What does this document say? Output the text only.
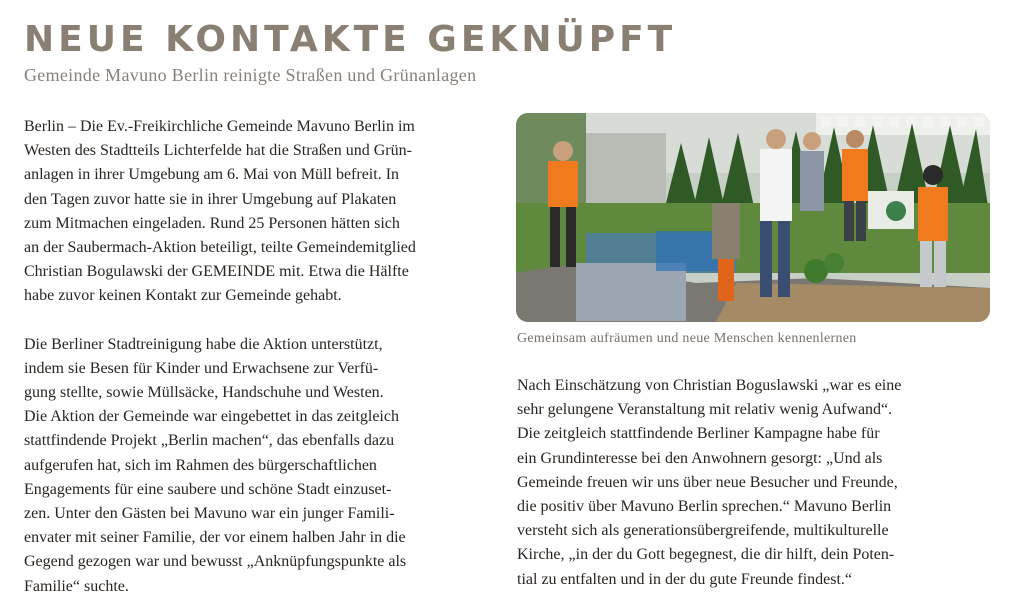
NEUE KONTAKTE GEKNÜPFT
Gemeinde Mavuno Berlin reinigte Straßen und Grünanlagen

Berlin – Die Ev.-Freikirchliche Gemeinde Mavuno Berlin im
Westen des Stadtteils Lichterfelde hat die Straßen und Grün-
anlagen in ihrer Umgebung am 6. Mai von Müll befreit. In
den Tagen zuvor hatte sie in ihrer Umgebung auf Plakaten
zum Mitmachen eingeladen. Rund 25 Personen hätten sich
an der Saubermach-Aktion beteiligt, teilte Gemeindemitglied
Christian Bogulawski der GEMEINDE mit. Etwa die Hälfte
habe zuvor keinen Kontakt zur Gemeinde gehabt.

Die Berliner Stadtreinigung habe die Aktion unterstützt,
indem sie Besen für Kinder und Erwachsene zur Verfü-
gung stellte, sowie Müllsäcke, Handschuhe und Westen.
Die Aktion der Gemeinde war eingebettet in das zeitgleich
stattfindende Projekt „Berlin machen“, das ebenfalls dazu
aufgerufen hat, sich im Rahmen des bürgerschaftlichen
Engagements für eine saubere und schöne Stadt einzuset-
zen. Unter den Gästen bei Mavuno war ein junger Famili-
envater mit seiner Familie, der vor einem halben Jahr in die
Gegend gezogen war und bewusst „Anknüpfungspunkte als
Familie“ suchte.

Gemeinsam aufräumen und neue Menschen kennenlernen

Nach Einschätzung von Christian Boguslawski „war es eine
sehr gelungene Veranstaltung mit relativ wenig Aufwand“.
Die zeitgleich stattfindende Berliner Kampagne habe für
ein Grundinteresse bei den Anwohnern gesorgt: „Und als
Gemeinde freuen wir uns über neue Besucher und Freunde,
die positiv über Mavuno Berlin sprechen.“ Mavuno Berlin
versteht sich als generationsübergreifende, multikulturelle
Kirche, „in der du Gott begegnest, die dir hilft, dein Poten-
tial zu entfalten und in der du gute Freunde findest.“
